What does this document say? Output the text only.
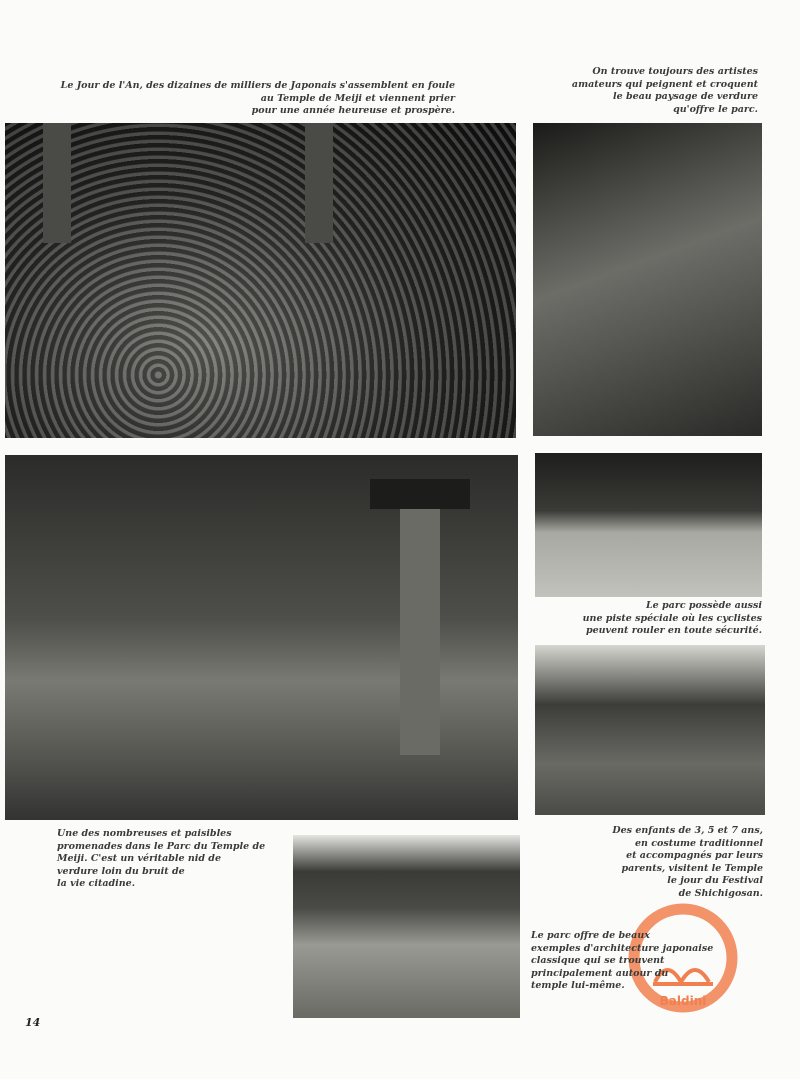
Le Jour de l'An, des dizaines de milliers de Japonais s'assemblent en foule
au Temple de Meiji et viennent prier
pour une année heureuse et prospère.
On trouve toujours des artistes
amateurs qui peignent et croquent
le beau paysage de verdure
qu'offre le parc.
Le parc possède aussi
une piste spéciale où les cyclistes
peuvent rouler en toute sécurité.
Une des nombreuses et paisibles
promenades dans le Parc du Temple de
Meiji. C'est un véritable nid de
verdure loin du bruit de
la vie citadine.
Des enfants de 3, 5 et 7 ans,
en costume traditionnel
et accompagnés par leurs
parents, visitent le Temple
le jour du Festival
de Shichigosan.
Le parc offre de beaux
exemples d'architecture japonaise
classique qui se trouvent
principalement autour du
temple lui-même.
14
Baldini
